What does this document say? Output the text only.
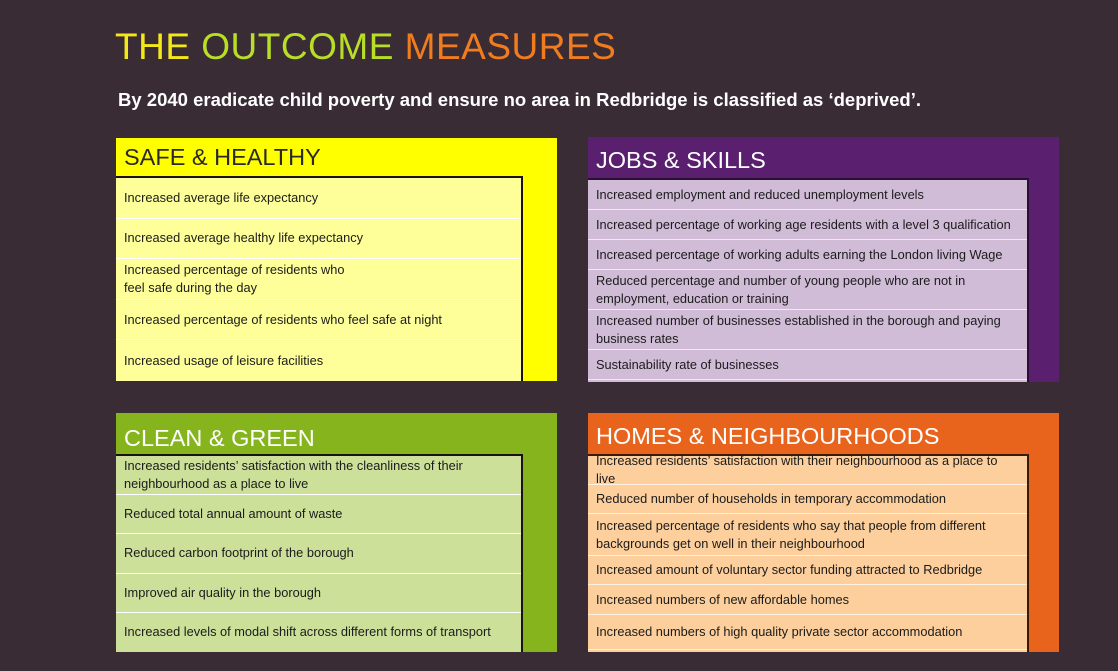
THE OUTCOME MEASURES
By 2040 eradicate child poverty and ensure no area in Redbridge is classified as ‘deprived’.
SAFE & HEALTHY
Increased average life expectancy
Increased average healthy life expectancy
Increased percentage of residents who
feel safe during the day
Increased percentage of residents who feel safe at night
Increased usage of leisure facilities
JOBS & SKILLS
Increased employment and reduced unemployment levels
Increased percentage of working age residents with a level 3 qualification
Increased percentage of working adults earning the London living Wage
Reduced percentage and number of young people who are not in employment, education or training
Increased number of businesses established in the borough and paying business rates
Sustainability rate of businesses
CLEAN & GREEN
Increased residents’ satisfaction with the cleanliness of their neighbourhood as a place to live
Reduced total annual amount of waste
Reduced carbon footprint of the borough
Improved air quality in the borough
Increased levels of modal shift across different forms of transport
HOMES & NEIGHBOURHOODS
Increased residents’ satisfaction with their neighbourhood as a place to live
Reduced number of households in temporary accommodation
Increased percentage of residents who say that people from different backgrounds get on well in their neighbourhood
Increased amount of voluntary sector funding attracted to Redbridge
Increased numbers of new affordable homes
Increased numbers of high quality private sector accommodation
